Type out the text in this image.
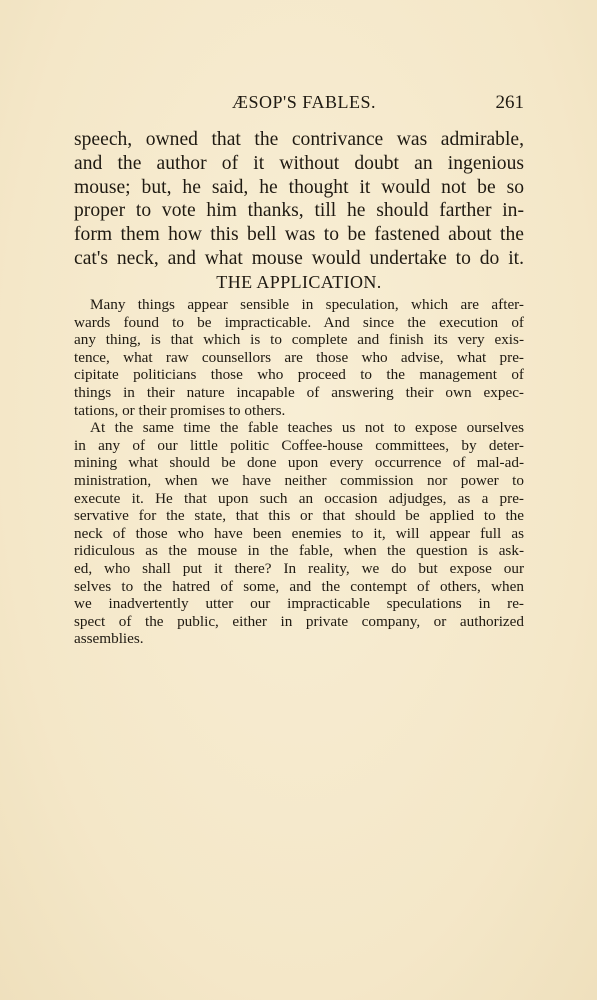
ÆSOP'S FABLES.	261
speech, owned that the contrivance was admirable,
and the author of it without doubt an ingenious
mouse; but, he said, he thought it would not be so
proper to vote him thanks, till he should farther in-
form them how this bell was to be fastened about the
cat's neck, and what mouse would undertake to do it.
THE APPLICATION.
Many things appear sensible in speculation, which are after-
wards found to be impracticable. And since the execution of
any thing, is that which is to complete and finish its very exis-
tence, what raw counsellors are those who advise, what pre-
cipitate politicians those who proceed to the management of
things in their nature incapable of answering their own expec-
tations, or their promises to others.
At the same time the fable teaches us not to expose ourselves
in any of our little politic Coffee-house committees, by deter-
mining what should be done upon every occurrence of mal-ad-
ministration, when we have neither commission nor power to
execute it. He that upon such an occasion adjudges, as a pre-
servative for the state, that this or that should be applied to the
neck of those who have been enemies to it, will appear full as
ridiculous as the mouse in the fable, when the question is ask-
ed, who shall put it there? In reality, we do but expose our
selves to the hatred of some, and the contempt of others, when
we inadvertently utter our impracticable speculations in re-
spect of the public, either in private company, or authorized
assemblies.
